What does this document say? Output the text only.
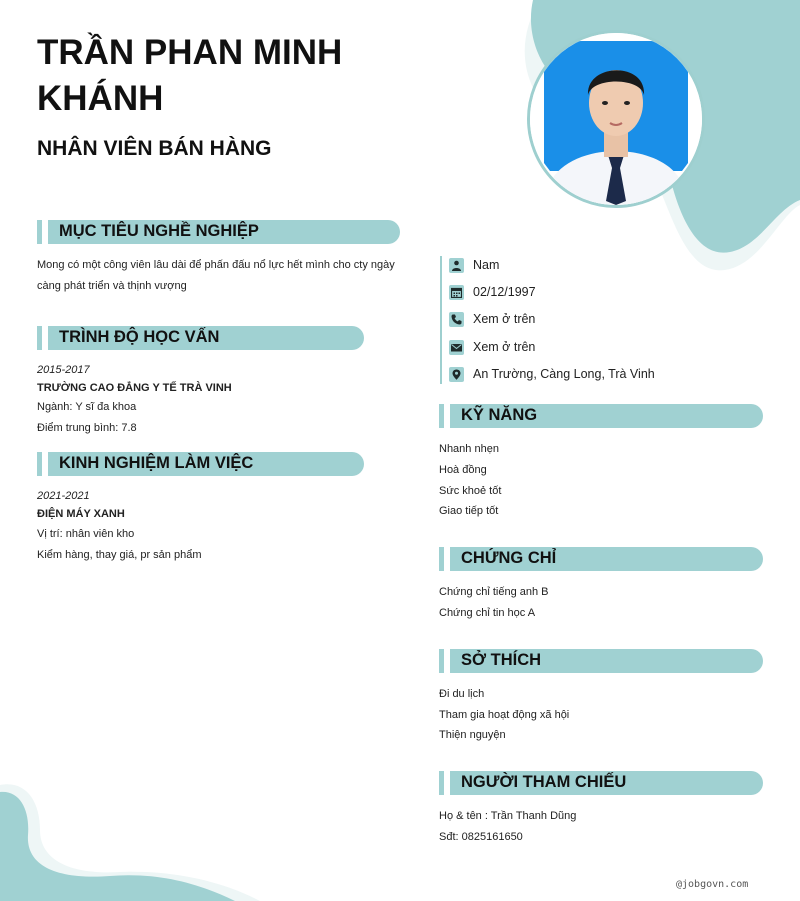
TRẦN PHAN MINH KHÁNH
NHÂN VIÊN BÁN HÀNG
MỤC TIÊU NGHỀ NGHIỆP
Mong có một công viên lâu dài để phấn đấu nổ lực hết mình cho cty ngày
càng phát triển và thịnh vượng
TRÌNH ĐỘ HỌC VẤN
2015-2017
TRƯỜNG CAO ĐẲNG Y TẾ TRÀ VINH
Ngành: Y sĩ đa khoa
Điểm trung bình: 7.8
KINH NGHIỆM LÀM VIỆC
2021-2021
ĐIỆN MÁY XANH
Vị trí: nhân viên kho
Kiểm hàng, thay giá, pr sản phẩm
Nam
02/12/1997
Xem ở trên
Xem ở trên
An Trường, Càng Long, Trà Vinh
KỸ NĂNG
Nhanh nhẹn
Hoà đồng
Sức khoẻ tốt
Giao tiếp tốt
CHỨNG CHỈ
Chứng chỉ tiếng anh B
Chứng chỉ tin học A
SỞ THÍCH
Đi du lịch
Tham gia hoạt động xã hội
Thiện nguyện
NGƯỜI THAM CHIẾU
Họ & tên : Trần Thanh Dũng
Sđt: 0825161650
@jobgovn.com
